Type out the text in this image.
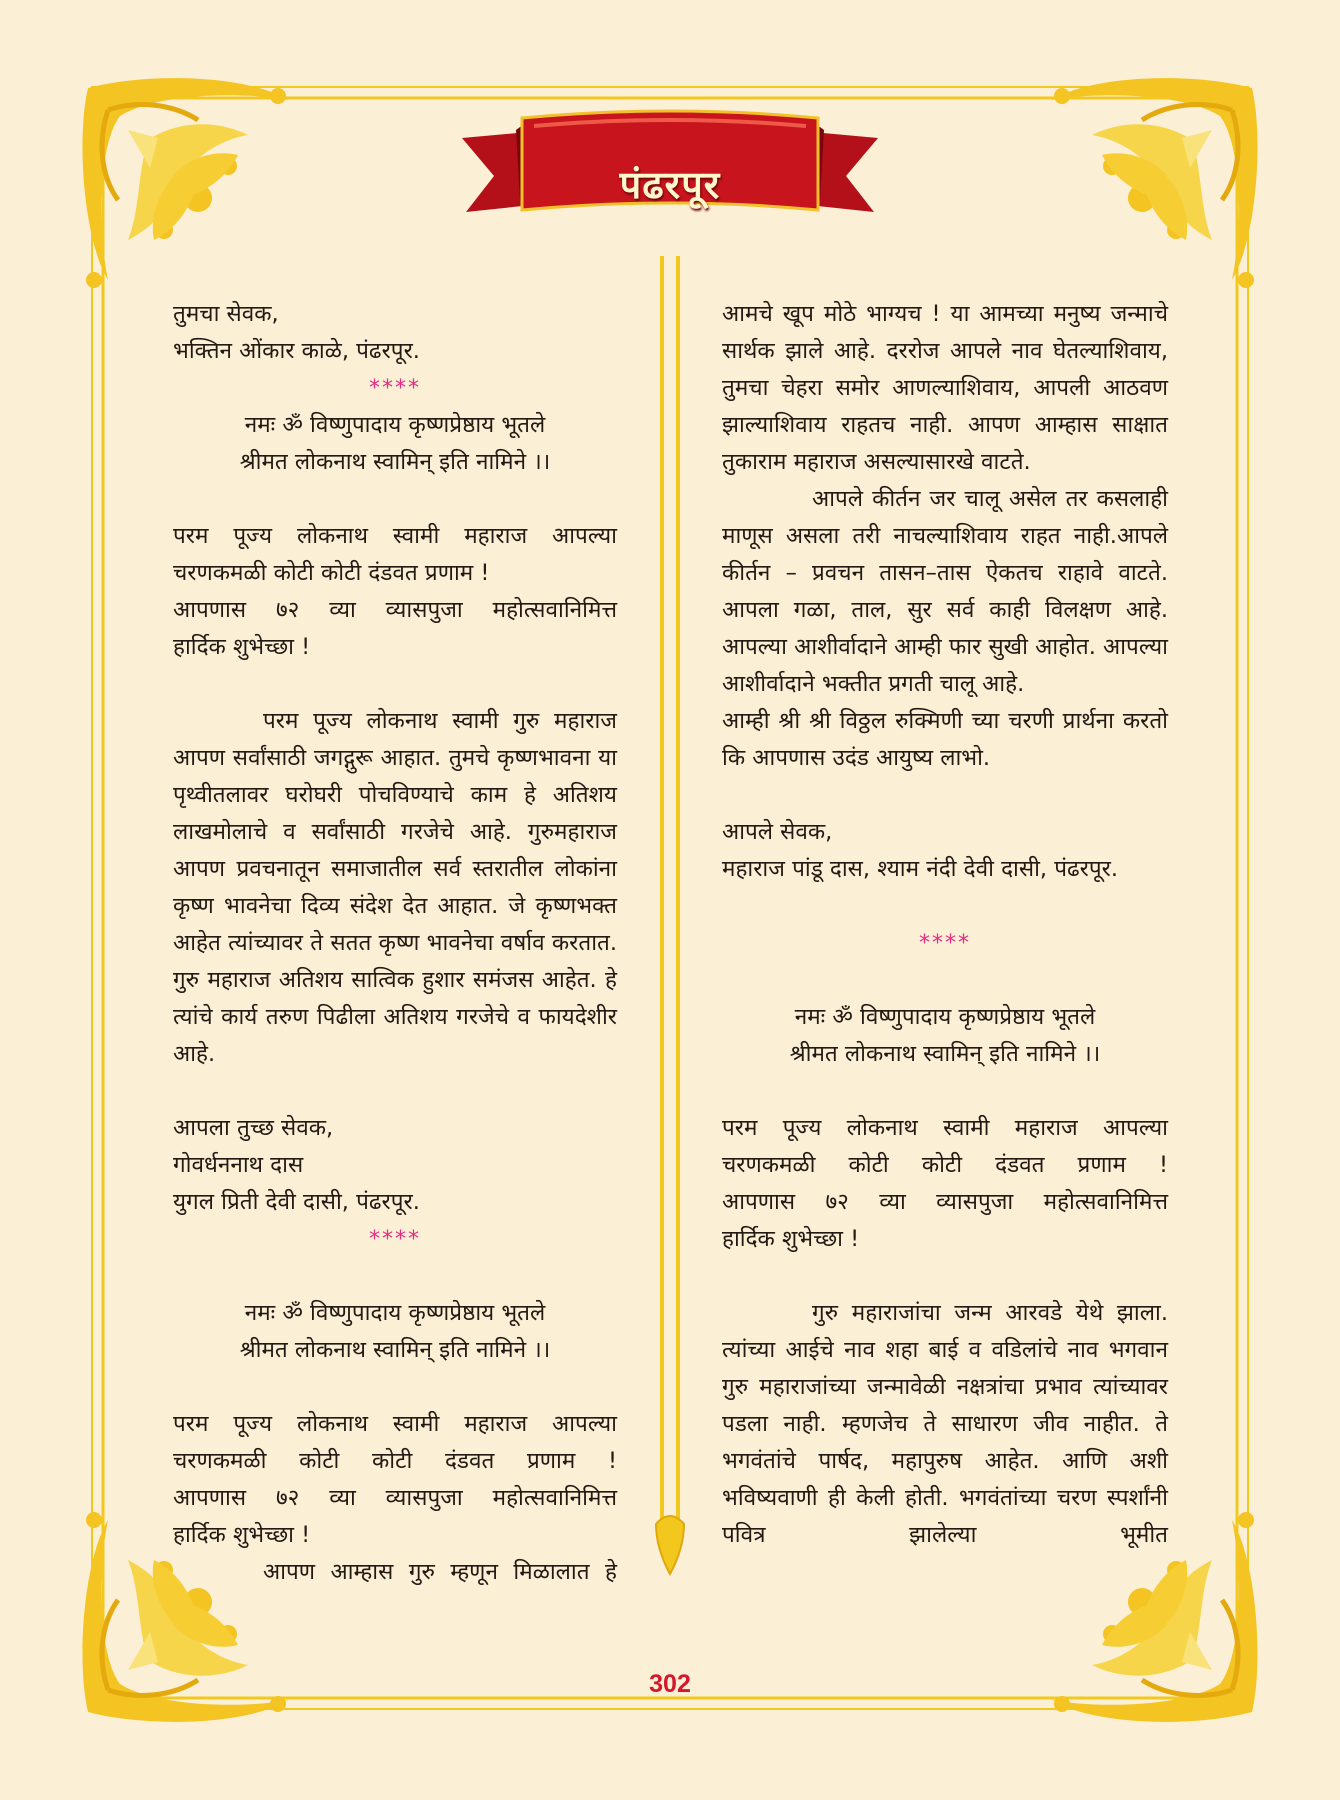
पंढरपूर

तुमचा सेवक,

भक्तिन ओंकार काळे, पंढरपूर.

****

नमः ॐ विष्णुपादाय कृष्णप्रेष्ठाय भूतले

श्रीमत लोकनाथ स्वामिन् इति नामिने ।।

परम पूज्य लोकनाथ स्वामी महाराज आपल्या

चरणकमळी कोटी कोटी दंडवत प्रणाम !

आपणास ७२ व्या व्यासपुजा महोत्सवानिमित्त

हार्दिक शुभेच्छा !

परम पूज्य लोकनाथ स्वामी गुरु महाराज

आपण सर्वांसाठी जगद्गुरू आहात. तुमचे कृष्णभावना या पृथ्वीतलावर घरोघरी पोचविण्याचे काम हे अतिशय लाखमोलाचे व सर्वांसाठी गरजेचे आहे. गुरुमहाराज आपण प्रवचनातून समाजातील सर्व स्तरातील लोकांना कृष्ण भावनेचा दिव्य संदेश देत आहात. जे कृष्णभक्त आहेत त्यांच्यावर ते सतत कृष्ण भावनेचा वर्षाव करतात. गुरु महाराज अतिशय सात्विक हुशार समंजस आहेत. हे त्यांचे कार्य तरुण पिढीला अतिशय गरजेचे व फायदेशीर आहे.

आपला तुच्छ सेवक,

गोवर्धननाथ दास

युगल प्रिती देवी दासी, पंढरपूर.

****

नमः ॐ विष्णुपादाय कृष्णप्रेष्ठाय भूतले

श्रीमत लोकनाथ स्वामिन् इति नामिने ।।

परम पूज्य लोकनाथ स्वामी महाराज आपल्या

चरणकमळी कोटी कोटी दंडवत प्रणाम !

आपणास ७२ व्या व्यासपुजा महोत्सवानिमित्त

हार्दिक शुभेच्छा !

आपण आम्हास गुरु म्हणून मिळालात हे

आमचे खूप मोठे भाग्यच ! या आमच्या मनुष्य जन्माचे सार्थक झाले आहे. दररोज आपले नाव घेतल्याशिवाय, तुमचा चेहरा समोर आणल्याशिवाय, आपली आठवण झाल्याशिवाय राहतच नाही. आपण आम्हास साक्षात तुकाराम महाराज असल्यासारखे वाटते.

आपले कीर्तन जर चालू असेल तर कसलाही माणूस असला तरी नाचल्याशिवाय राहत नाही.आपले कीर्तन – प्रवचन तासन–तास ऐकतच राहावे वाटते. आपला गळा, ताल, सुर सर्व काही विलक्षण आहे. आपल्या आशीर्वादाने आम्ही फार सुखी आहोत. आपल्या आशीर्वादाने भक्तीत प्रगती चालू आहे.

आम्ही श्री श्री विठ्ठल रुक्मिणी च्या चरणी प्रार्थना करतो कि आपणास उदंड आयुष्य लाभो.

आपले सेवक,

महाराज पांडू दास, श्याम नंदी देवी दासी, पंढरपूर.

****

नमः ॐ विष्णुपादाय कृष्णप्रेष्ठाय भूतले

श्रीमत लोकनाथ स्वामिन् इति नामिने ।।

परम पूज्य लोकनाथ स्वामी महाराज आपल्या

चरणकमळी कोटी कोटी दंडवत प्रणाम !

आपणास ७२ व्या व्यासपुजा महोत्सवानिमित्त

हार्दिक शुभेच्छा !

गुरु महाराजांचा जन्म आरवडे येथे झाला. त्यांच्या आईचे नाव शहा बाई व वडिलांचे नाव भगवान गुरु महाराजांच्या जन्मावेळी नक्षत्रांचा प्रभाव त्यांच्यावर पडला नाही. म्हणजेच ते साधारण जीव नाहीत. ते भगवंतांचे पार्षद, महापुरुष आहेत. आणि अशी भविष्यवाणी ही केली होती. भगवंतांच्या चरण स्पर्शांनी पवित्र झालेल्या भूमीत

302
